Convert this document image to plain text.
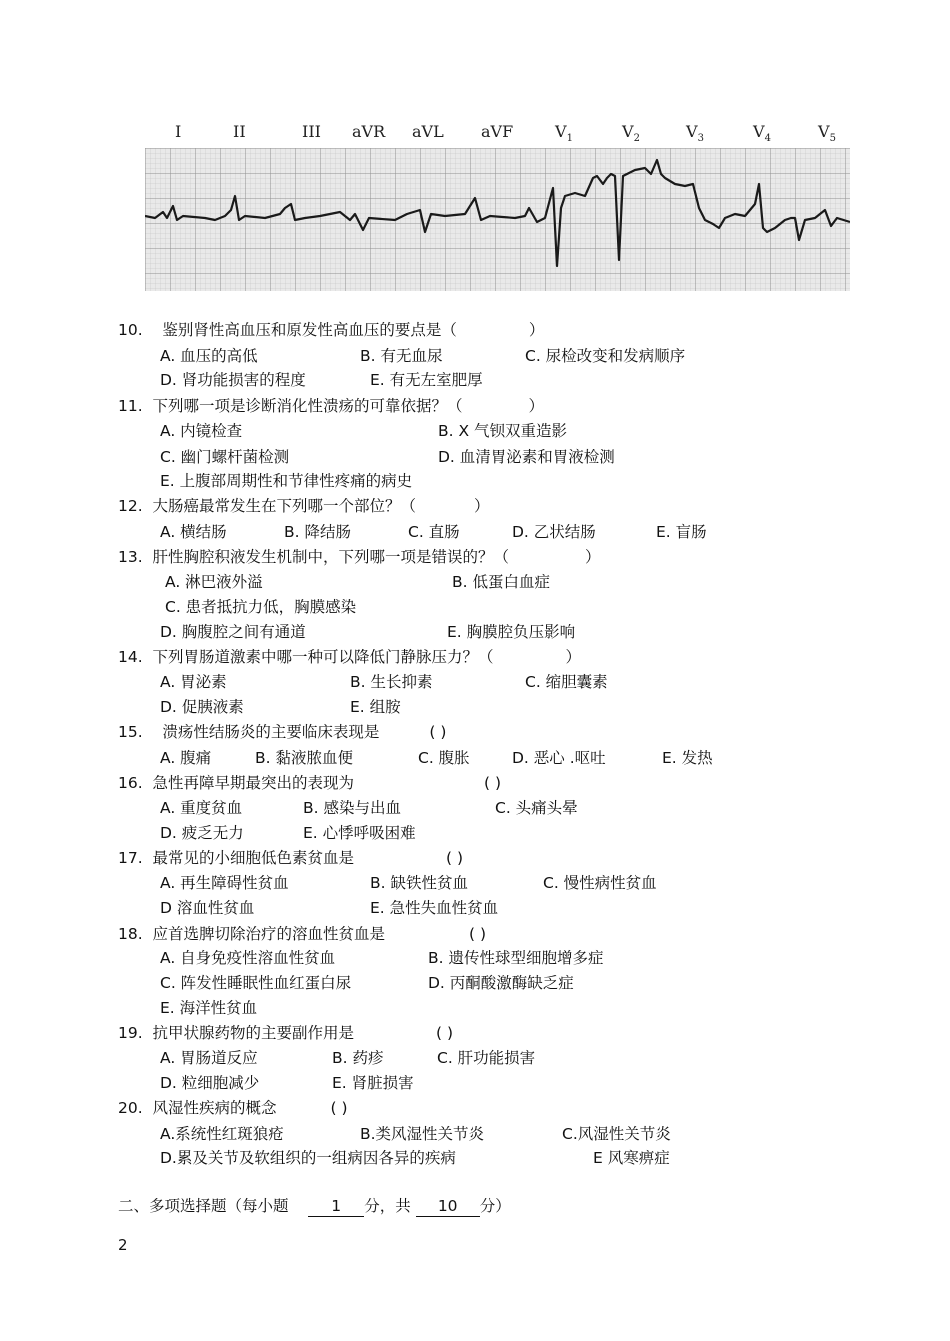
I	II	III aVR aVL aVF	$V_1$	$V_2$	$V_3$	$V_4$	$V_5$
10. 鉴别肾性高血压和原发性高血压的要点是（	）
A. 血压的高低	B. 有无血尿	C. 尿检改变和发病顺序
D. 肾功能损害的程度	E. 有无左室肥厚
11. 下列哪一项是诊断消化性溃疡的可靠依据？（	）
A. 内镜检查	B. X 气钡双重造影
C. 幽门螺杆菌检测	D. 血清胃泌素和胃液检测
E. 上腹部周期性和节律性疼痛的病史
12. 大肠癌最常发生在下列哪一个部位？（	）
A. 横结肠	B. 降结肠	C. 直肠	D. 乙状结肠	E. 盲肠
13. 肝性胸腔积液发生机制中，下列哪一项是错误的？（	）
A. 淋巴液外溢	B. 低蛋白血症
C. 患者抵抗力低，胸膜感染
D. 胸腹腔之间有通道	E. 胸膜腔负压影响
14. 下列胃肠道激素中哪一种可以降低门静脉压力？（	）
A. 胃泌素	B. 生长抑素	C. 缩胆囊素
D. 促胰液素	E. 组胺
15. 溃疡性结肠炎的主要临床表现是	( )
A. 腹痛	B. 黏液脓血便	C. 腹胀	D. 恶心 .呕吐	E. 发热
16. 急性再障早期最突出的表现为	( )
A. 重度贫血	B. 感染与出血	C. 头痛头晕
D. 疲乏无力	E. 心悸呼吸困难
17. 最常见的小细胞低色素贫血是	( )
A. 再生障碍性贫血	B. 缺铁性贫血	C. 慢性病性贫血
D 溶血性贫血	E. 急性失血性贫血
18. 应首选脾切除治疗的溶血性贫血是	( )
A. 自身免疫性溶血性贫血	B. 遗传性球型细胞增多症
C. 阵发性睡眠性血红蛋白尿	D. 丙酮酸激酶缺乏症
E. 海洋性贫血
19. 抗甲状腺药物的主要副作用是	( )
A. 胃肠道反应	B. 药疹	C. 肝功能损害
D. 粒细胞减少	E. 肾脏损害
20. 风湿性疾病的概念	( )
A.系统性红斑狼疮	B.类风湿性关节炎	C.风湿性关节炎
D.累及关节及软组织的一组病因各异的疾病	E 风寒痹症
二、多项选择题（每小题	1 分，共 10 分）
2
